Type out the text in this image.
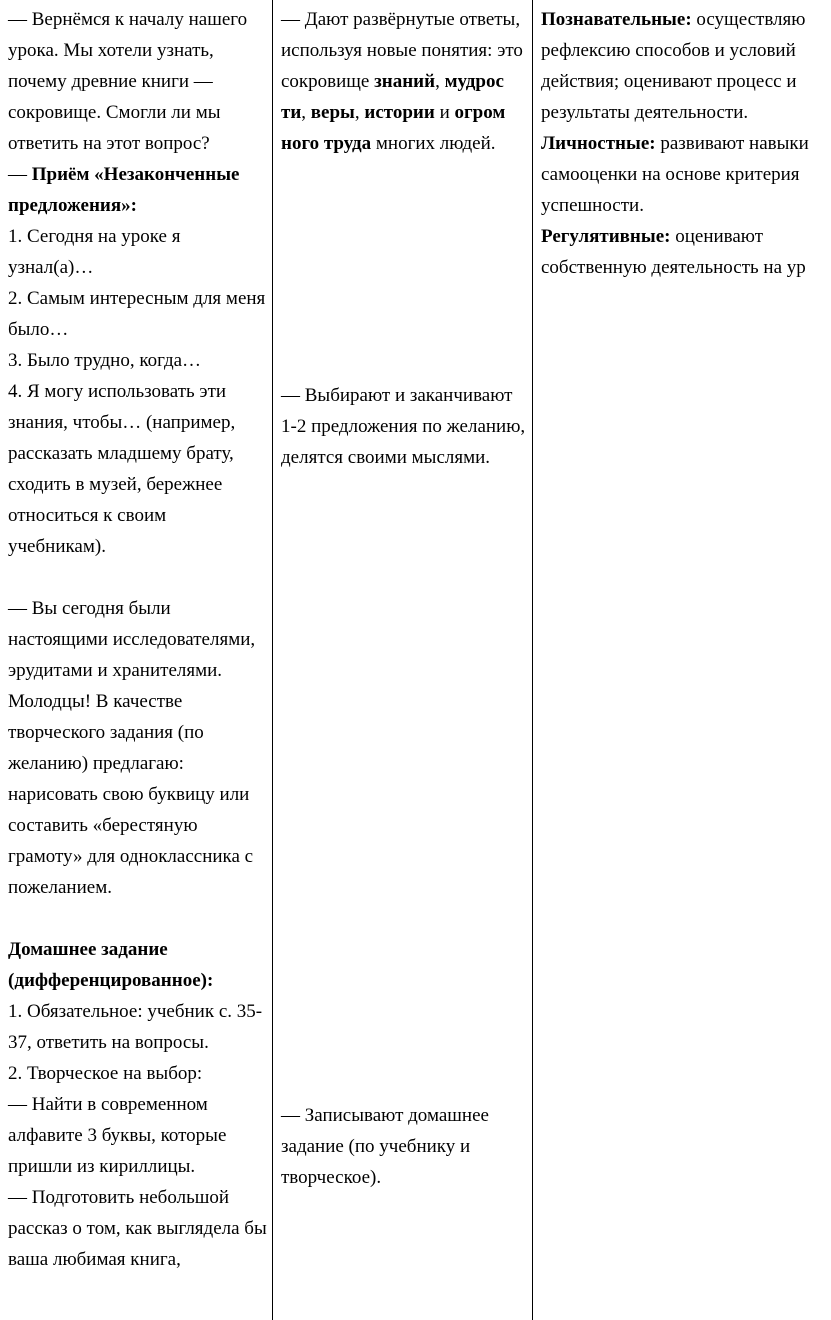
— Вернёмся к началу нашего урока. Мы хотели узнать, почему древние книги — сокровище. Смогли ли мы ответить на этот вопрос?

— Приём «Незаконченные предложения»:

1. Сегодня на уроке я узнал(а)…

2. Самым интересным для меня было…

3. Было трудно, когда…

4. Я могу использовать эти знания, чтобы… (например, рассказать младшему брату, сходить в музей, бережнее относиться к своим учебникам).

— Вы сегодня были настоящими исследователями, эрудитами и хранителями. Молодцы! В качестве творческого задания (по желанию) предлагаю: нарисовать свою буквицу или составить «берестяную грамоту» для одноклассника с пожеланием.

Домашнее задание (дифференцированное):

1. Обязательное: учебник с. 35-37, ответить на вопросы.

2. Творческое на выбор:

— Найти в современном алфавите 3 буквы, которые пришли из кириллицы.

— Подготовить небольшой рассказ о том, как выглядела бы ваша любимая книга,

— Дают развёрнутые ответы, используя новые понятия: это сокровище знаний, мудрос ти, веры, истории и огром ного труда многих людей.

— Выбирают и заканчивают 1-2 предложения по желанию, делятся своими мыслями.

— Записывают домашнее задание (по учебнику и творческое).

Познавательные: осуществляю
рефлексию способов и условий
действия; оценивают процесс и
результаты деятельности.
Личностные: развивают навыки
самооценки на основе критерия
успешности.
Регулятивные: оценивают
собственную деятельность на ур
